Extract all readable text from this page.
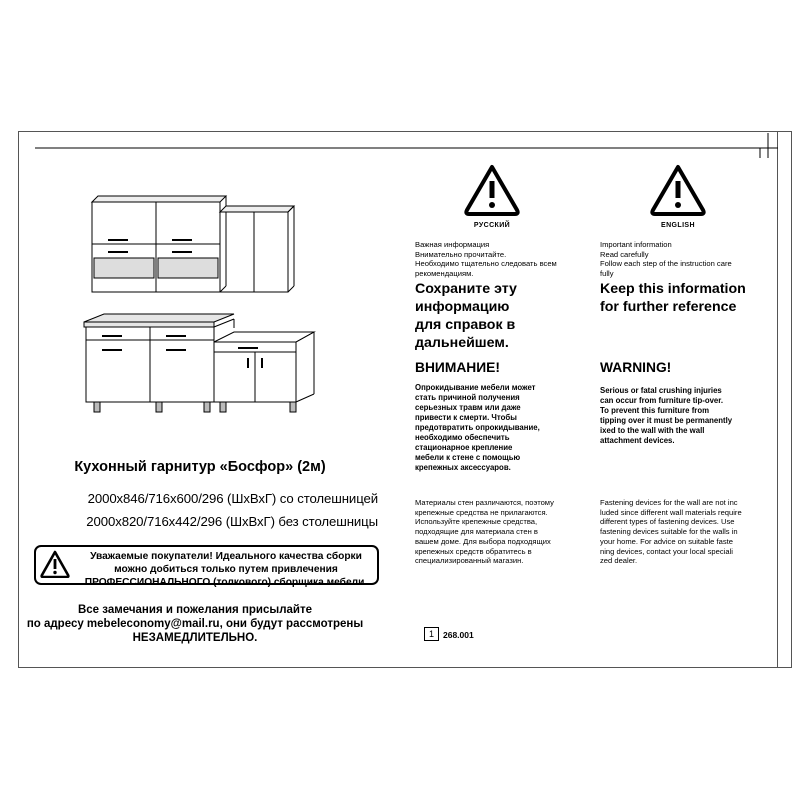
Кухонный гарнитур «Босфор» (2м)
2000х846/716х600/296 (ШхВхГ) со столешницей
2000х820/716х442/296 (ШхВхГ) без столешницы
Уважаемые покупатели! Идеального качества сборки
можно добиться только путем привлечения
ПРОФЕССИОНАЛЬНОГО (толкового) сборщика мебели.
Все замечания и пожелания присылайте
по адресу mebeleconomy@mail.ru, они будут рассмотрены
НЕЗАМЕДЛИТЕЛЬНО.
РУССКИЙ
Важная информация
Внимательно прочитайте.
Необходимо тщательно следовать всем
рекомендациям.
Сохраните эту
информацию
для справок в
дальнейшем.
ВНИМАНИЕ!
Опрокидывание мебели может
стать причиной получения
серьезных травм или даже
привести к смерти. Чтобы
предотвратить опрокидывание,
необходимо обеспечить
стационарное крепление
мебели к стене с помощью
крепежных аксессуаров.
Материалы стен различаются, поэтому
крепежные средства не прилагаются.
Используйте крепежные средства,
подходящие для материала стен в
вашем доме. Для выбора подходящих
крепежных средств обратитесь в
специализированный магазин.
ENGLISH
Important information
Read carefully
Follow each step of the instruction care
fully
Keep this information
for further reference
WARNING!
Serious or fatal crushing injuries
can occur from furniture tip-over.
To prevent this furniture from
tipping over it must be permanently
ixed to the wall with the wall
attachment devices.
Fastening devices for the wall are not inc
luded since different wall materials require
different types of fastening devices. Use
fastening devices suitable for the walls in
your home. For advice on suitable faste
ning devices, contact your local speciali
zed dealer.
1	268.001
